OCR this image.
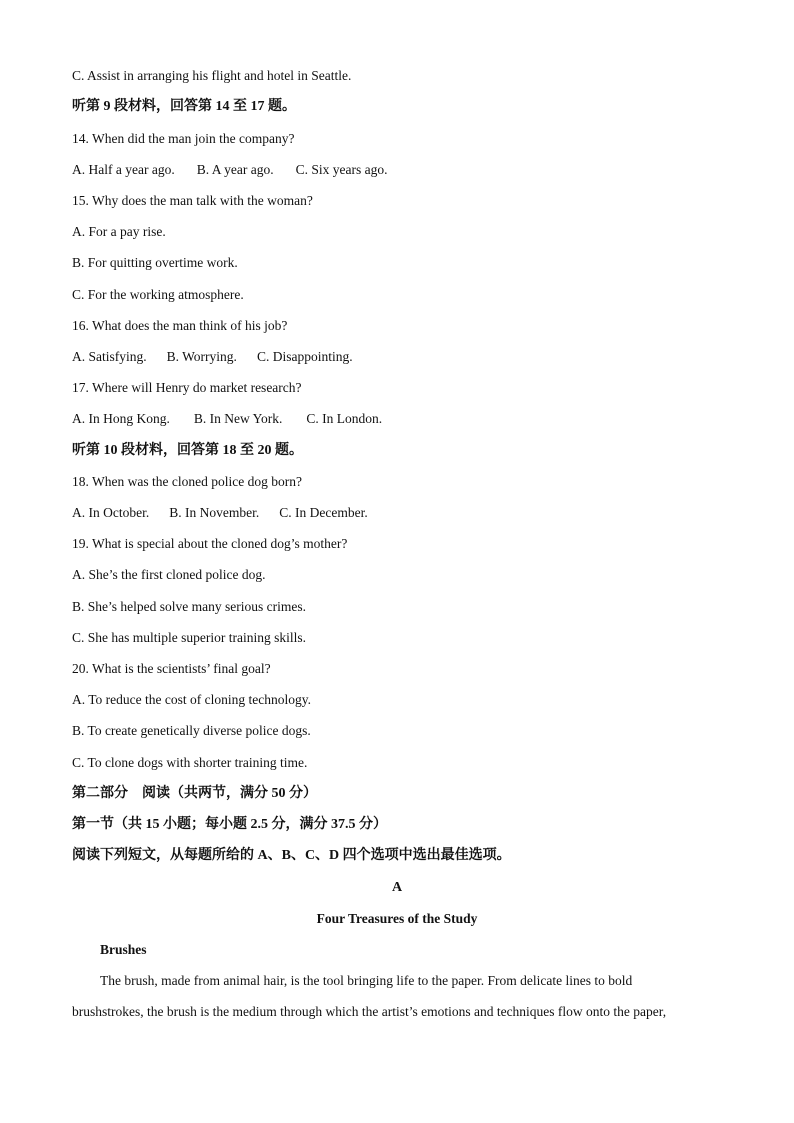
C. Assist in arranging his flight and hotel in Seattle.
听第 9 段材料，回答第 14 至 17 题。
14. When did the man join the company?
A. Half a year ago. B. A year ago. C. Six years ago.
15. Why does the man talk with the woman?
A. For a pay rise.
B. For quitting overtime work.
C. For the working atmosphere.
16. What does the man think of his job?
A. Satisfying. B. Worrying. C. Disappointing.
17. Where will Henry do market research?
A. In Hong Kong. B. In New York. C. In London.
听第 10 段材料，回答第 18 至 20 题。
18. When was the cloned police dog born?
A. In October. B. In November. C. In December.
19. What is special about the cloned dog’s mother?
A. She’s the first cloned police dog.
B. She’s helped solve many serious crimes.
C. She has multiple superior training skills.
20. What is the scientists’ final goal?
A. To reduce the cost of cloning technology.
B. To create genetically diverse police dogs.
C. To clone dogs with shorter training time.
第二部分　阅读（共两节，满分 50 分）
第一节（共 15 小题；每小题 2.5 分，满分 37.5 分）
阅读下列短文，从每题所给的 A、B、C、D 四个选项中选出最佳选项。
A
Four Treasures of the Study
Brushes
The brush, made from animal hair, is the tool bringing life to the paper. From delicate lines to bold
brushstrokes, the brush is the medium through which the artist’s emotions and techniques flow onto the paper,
